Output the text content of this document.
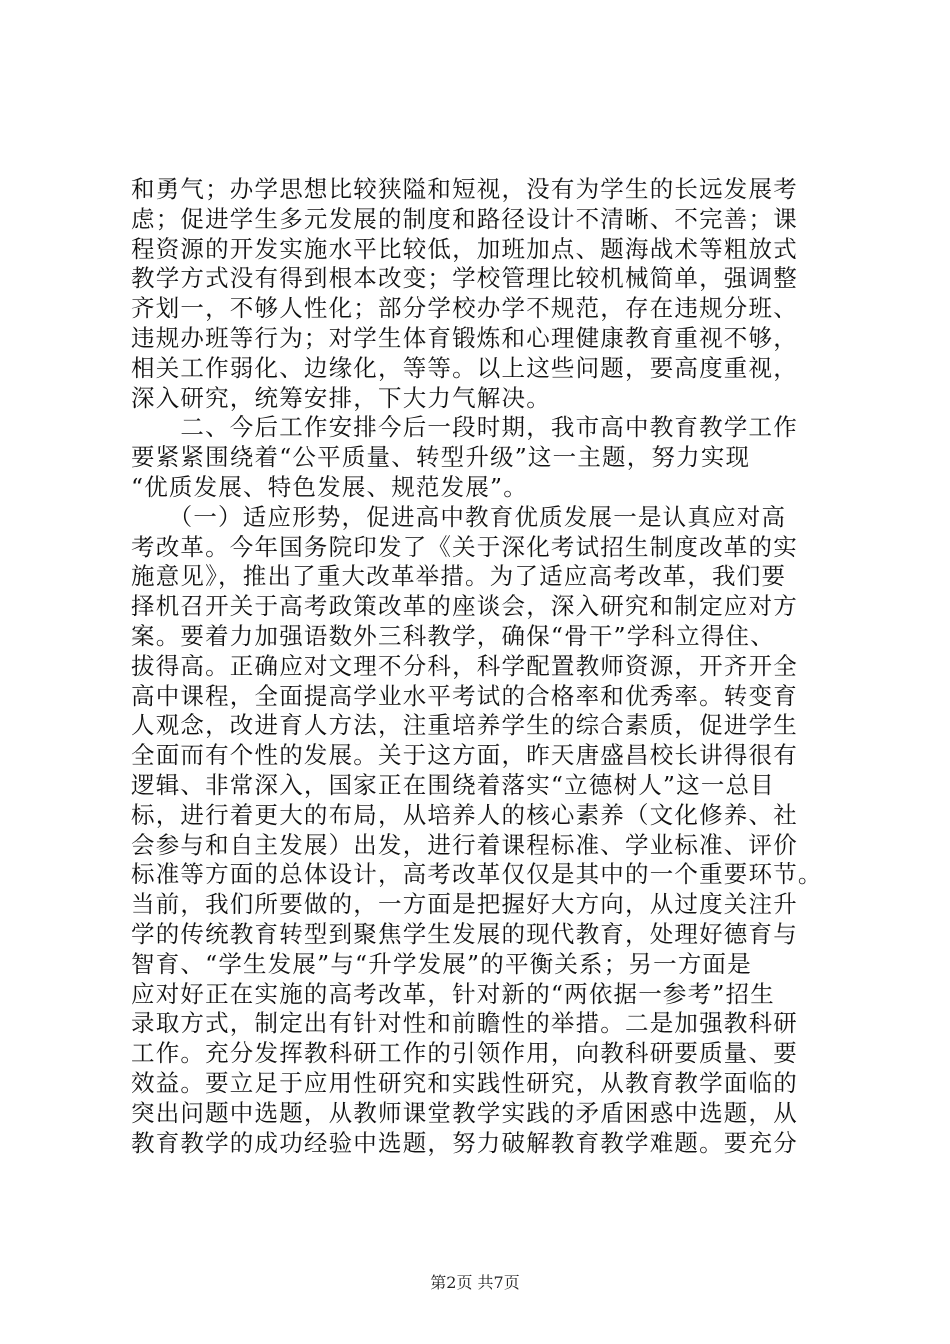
和勇气；办学思想比较狭隘和短视，没有为学生的长远发展考
虑；促进学生多元发展的制度和路径设计不清晰、不完善；课
程资源的开发实施水平比较低，加班加点、题海战术等粗放式
教学方式没有得到根本改变；学校管理比较机械简单，强调整
齐划一，不够人性化；部分学校办学不规范，存在违规分班、
违规办班等行为；对学生体育锻炼和心理健康教育重视不够，
相关工作弱化、边缘化，等等。以上这些问题，要高度重视，
深入研究，统筹安排，下大力气解决。
　　二、今后工作安排今后一段时期，我市高中教育教学工作
要紧紧围绕着“公平质量、转型升级”这一主题，努力实现
“优质发展、特色发展、规范发展”。
　　（一）适应形势，促进高中教育优质发展一是认真应对高
考改革。今年国务院印发了《关于深化考试招生制度改革的实
施意见》，推出了重大改革举措。为了适应高考改革，我们要
择机召开关于高考政策改革的座谈会，深入研究和制定应对方
案。要着力加强语数外三科教学，确保“骨干”学科立得住、
拔得高。正确应对文理不分科，科学配置教师资源，开齐开全
高中课程，全面提高学业水平考试的合格率和优秀率。转变育
人观念，改进育人方法，注重培养学生的综合素质，促进学生
全面而有个性的发展。关于这方面，昨天唐盛昌校长讲得很有
逻辑、非常深入，国家正在围绕着落实“立德树人”这一总目
标，进行着更大的布局，从培养人的核心素养（文化修养、社
会参与和自主发展）出发，进行着课程标准、学业标准、评价
标准等方面的总体设计，高考改革仅仅是其中的一个重要环节。
当前，我们所要做的，一方面是把握好大方向，从过度关注升
学的传统教育转型到聚焦学生发展的现代教育，处理好德育与
智育、“学生发展”与“升学发展”的平衡关系；另一方面是
应对好正在实施的高考改革，针对新的“两依据一参考”招生
录取方式，制定出有针对性和前瞻性的举措。二是加强教科研
工作。充分发挥教科研工作的引领作用，向教科研要质量、要
效益。要立足于应用性研究和实践性研究，从教育教学面临的
突出问题中选题，从教师课堂教学实践的矛盾困惑中选题，从
教育教学的成功经验中选题，努力破解教育教学难题。要充分
第2页 共7页
